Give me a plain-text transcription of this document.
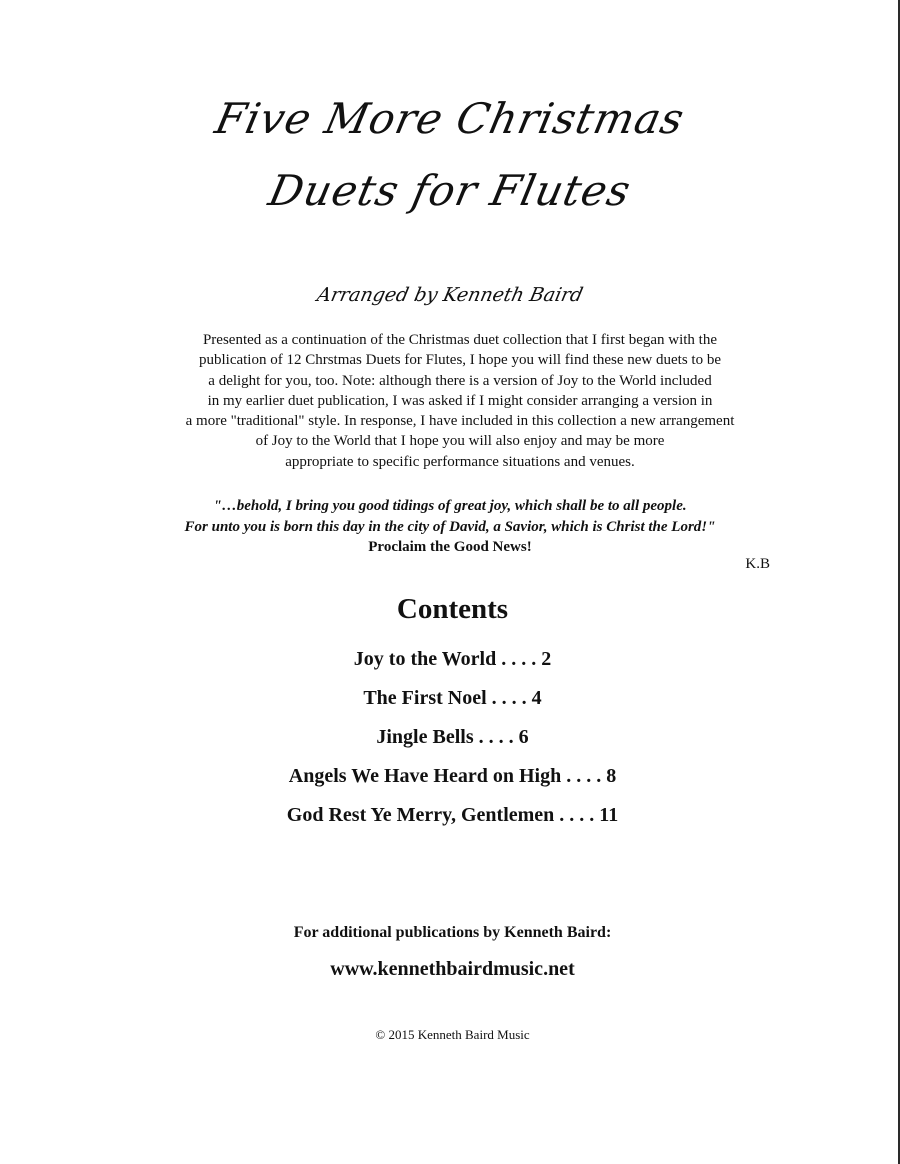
Five More Christmas
Duets for Flutes
Arranged by Kenneth Baird
Presented as a continuation of the Christmas duet collection that I first began with the
publication of 12 Chrstmas Duets for Flutes, I hope you will find these new duets to be
a delight for you, too. Note: although there is a version of Joy to the World included
in my earlier duet publication, I was asked if I might consider arranging a version in
a more "traditional" style. In response, I have included in this collection a new arrangement
of Joy to the World that I hope you will also enjoy and may be more
appropriate to specific performance situations and venues.
"…behold, I bring you good tidings of great joy, which shall be to all people.
For unto you is born this day in the city of David, a Savior, which is Christ the Lord!"
Proclaim the Good News!
K.B
Contents
Joy to the World . . . . 2
The First Noel . . . . 4
Jingle Bells . . . . 6
Angels We Have Heard on High . . . . 8
God Rest Ye Merry, Gentlemen . . . . 11
For additional publications by Kenneth Baird:
www.kennethbairdmusic.net
© 2015 Kenneth Baird Music
